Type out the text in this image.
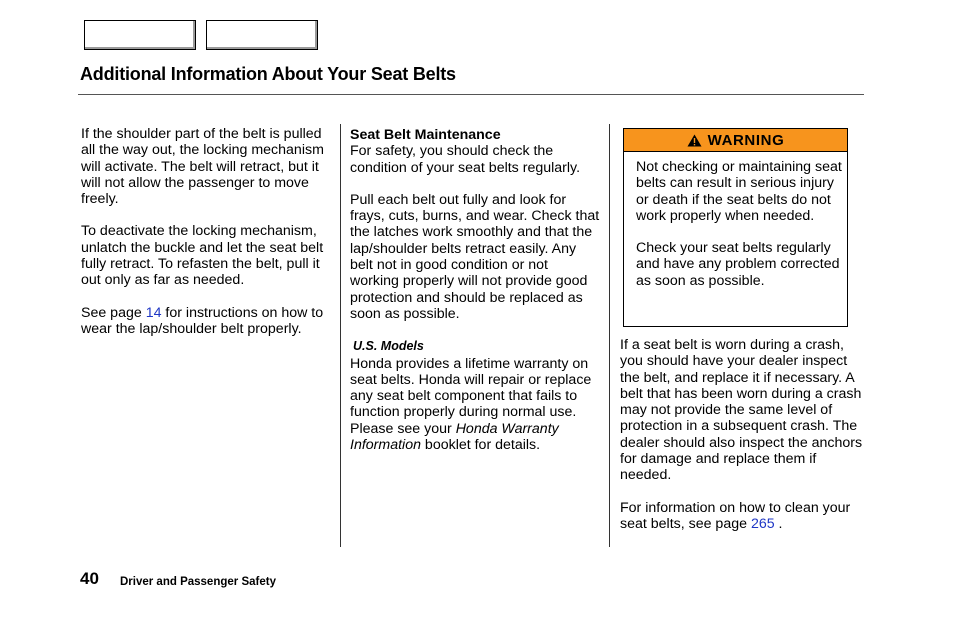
Additional Information About Your Seat Belts

If the shoulder part of the belt is pulled all the way out, the locking mechanism will activate. The belt will retract, but it will not allow the passenger to move freely.

To deactivate the locking mechanism, unlatch the buckle and let the seat belt fully retract. To refasten the belt, pull it out only as far as needed.

See page 14 for instructions on how to wear the lap/shoulder belt properly.

Seat Belt Maintenance

For safety, you should check the condition of your seat belts regularly.

Pull each belt out fully and look for frays, cuts, burns, and wear. Check that the latches work smoothly and that the lap/shoulder belts retract easily. Any belt not in good condition or not working properly will not provide good protection and should be replaced as soon as possible.

U.S. Models

Honda provides a lifetime warranty on seat belts. Honda will repair or replace any seat belt component that fails to function properly during normal use. Please see your Honda Warranty Information booklet for details.

WARNING

Not checking or maintaining seat belts can result in serious injury or death if the seat belts do not work properly when needed.

Check your seat belts regularly and have any problem corrected as soon as possible.

If a seat belt is worn during a crash, you should have your dealer inspect the belt, and replace it if necessary. A belt that has been worn during a crash may not provide the same level of protection in a subsequent crash. The dealer should also inspect the anchors for damage and replace them if needed.

For information on how to clean your seat belts, see page 265 .

40 Driver and Passenger Safety
